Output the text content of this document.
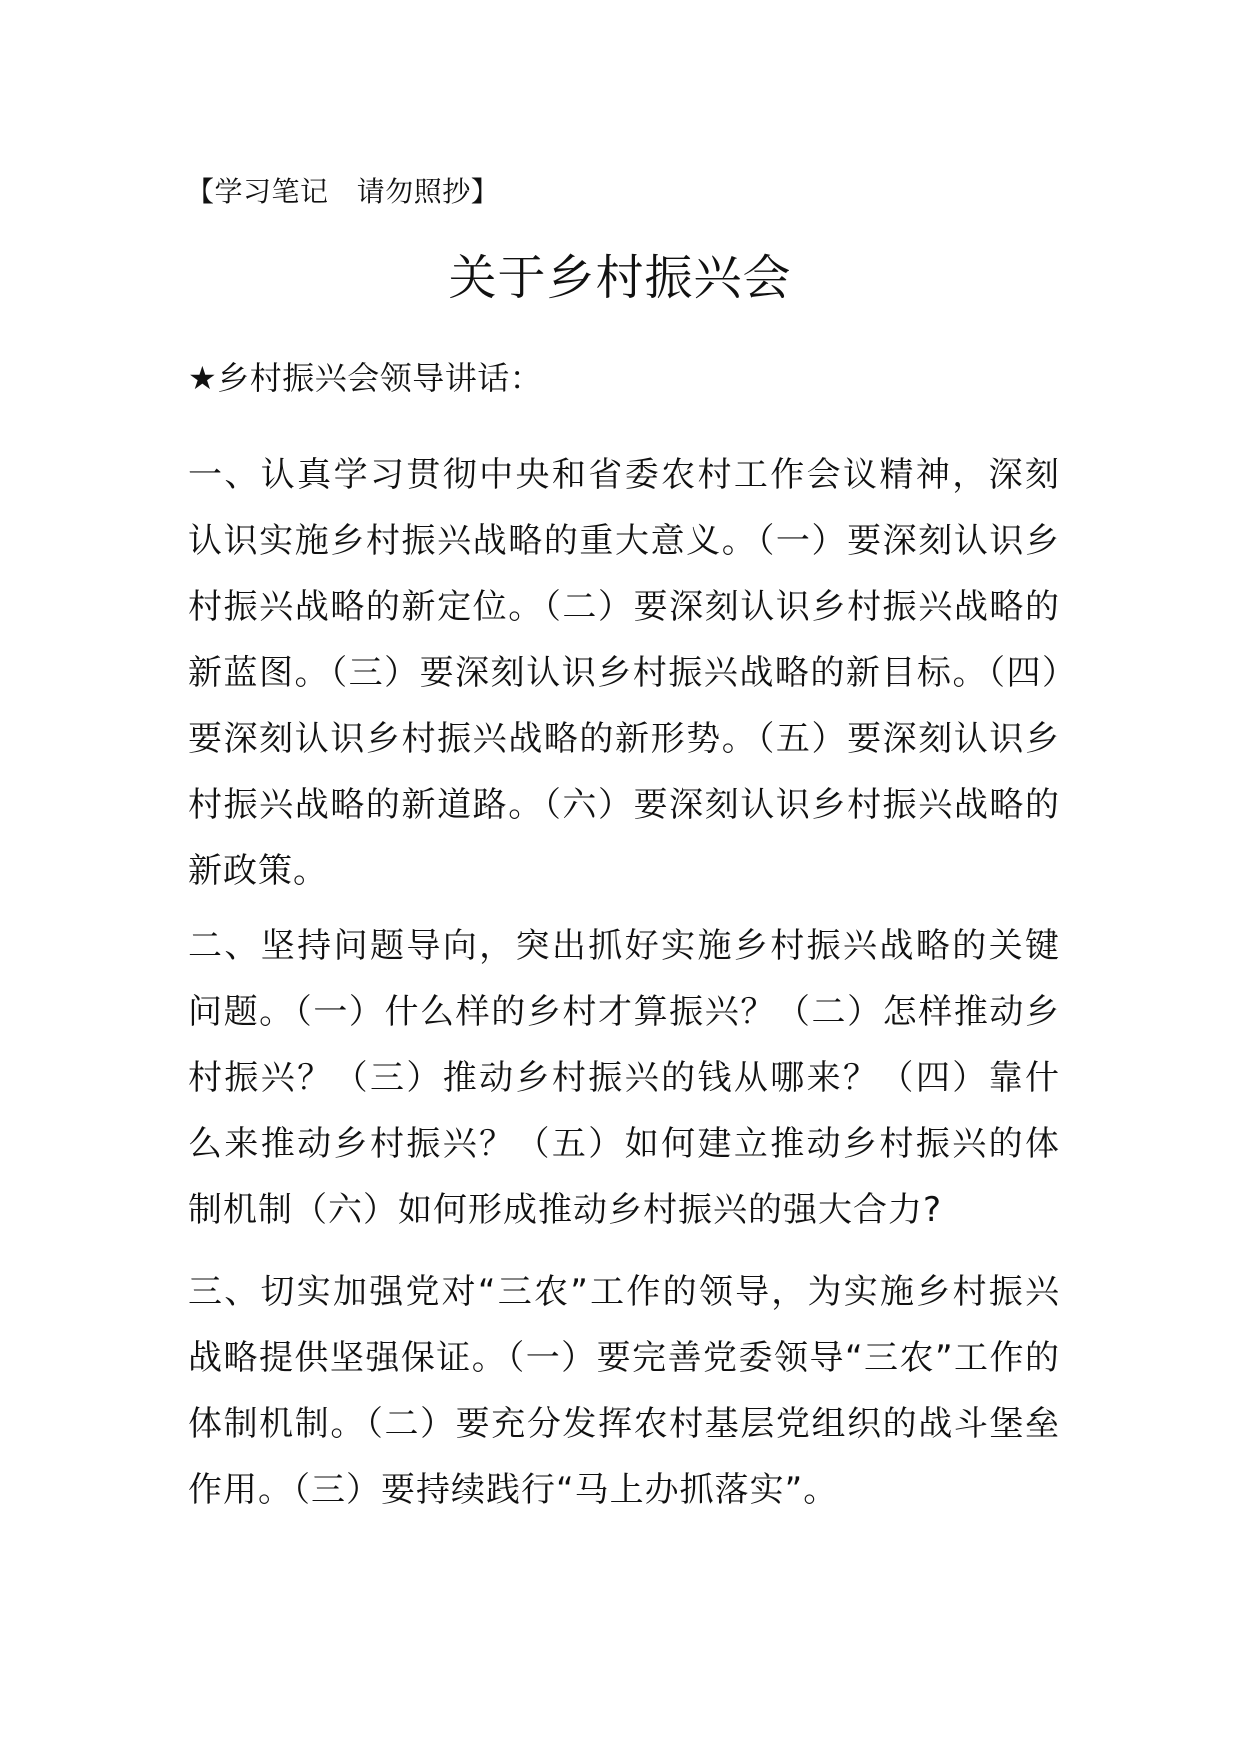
【学习笔记   请勿照抄】
关于乡村振兴会
★乡村振兴会领导讲话：

一、认真学习贯彻中央和省委农村工作会议精神，深刻认识实施乡村振兴战略的重大意义。（一）要深刻认识乡村振兴战略的新定位。（二）要深刻认识乡村振兴战略的新蓝图。（三）要深刻认识乡村振兴战略的新目标。（四）要深刻认识乡村振兴战略的新形势。（五）要深刻认识乡村振兴战略的新道路。（六）要深刻认识乡村振兴战略的新政策。

二、坚持问题导向，突出抓好实施乡村振兴战略的关键问题。（一）什么样的乡村才算振兴？（二）怎样推动乡村振兴？（三）推动乡村振兴的钱从哪来？（四）靠什么来推动乡村振兴？（五）如何建立推动乡村振兴的体制机制（六）如何形成推动乡村振兴的强大合力?

三、切实加强党对“三农”工作的领导，为实施乡村振兴战略提供坚强保证。（一）要完善党委领导“三农”工作的体制机制。（二）要充分发挥农村基层党组织的战斗堡垒作用。（三）要持续践行“马上办抓落实”。
